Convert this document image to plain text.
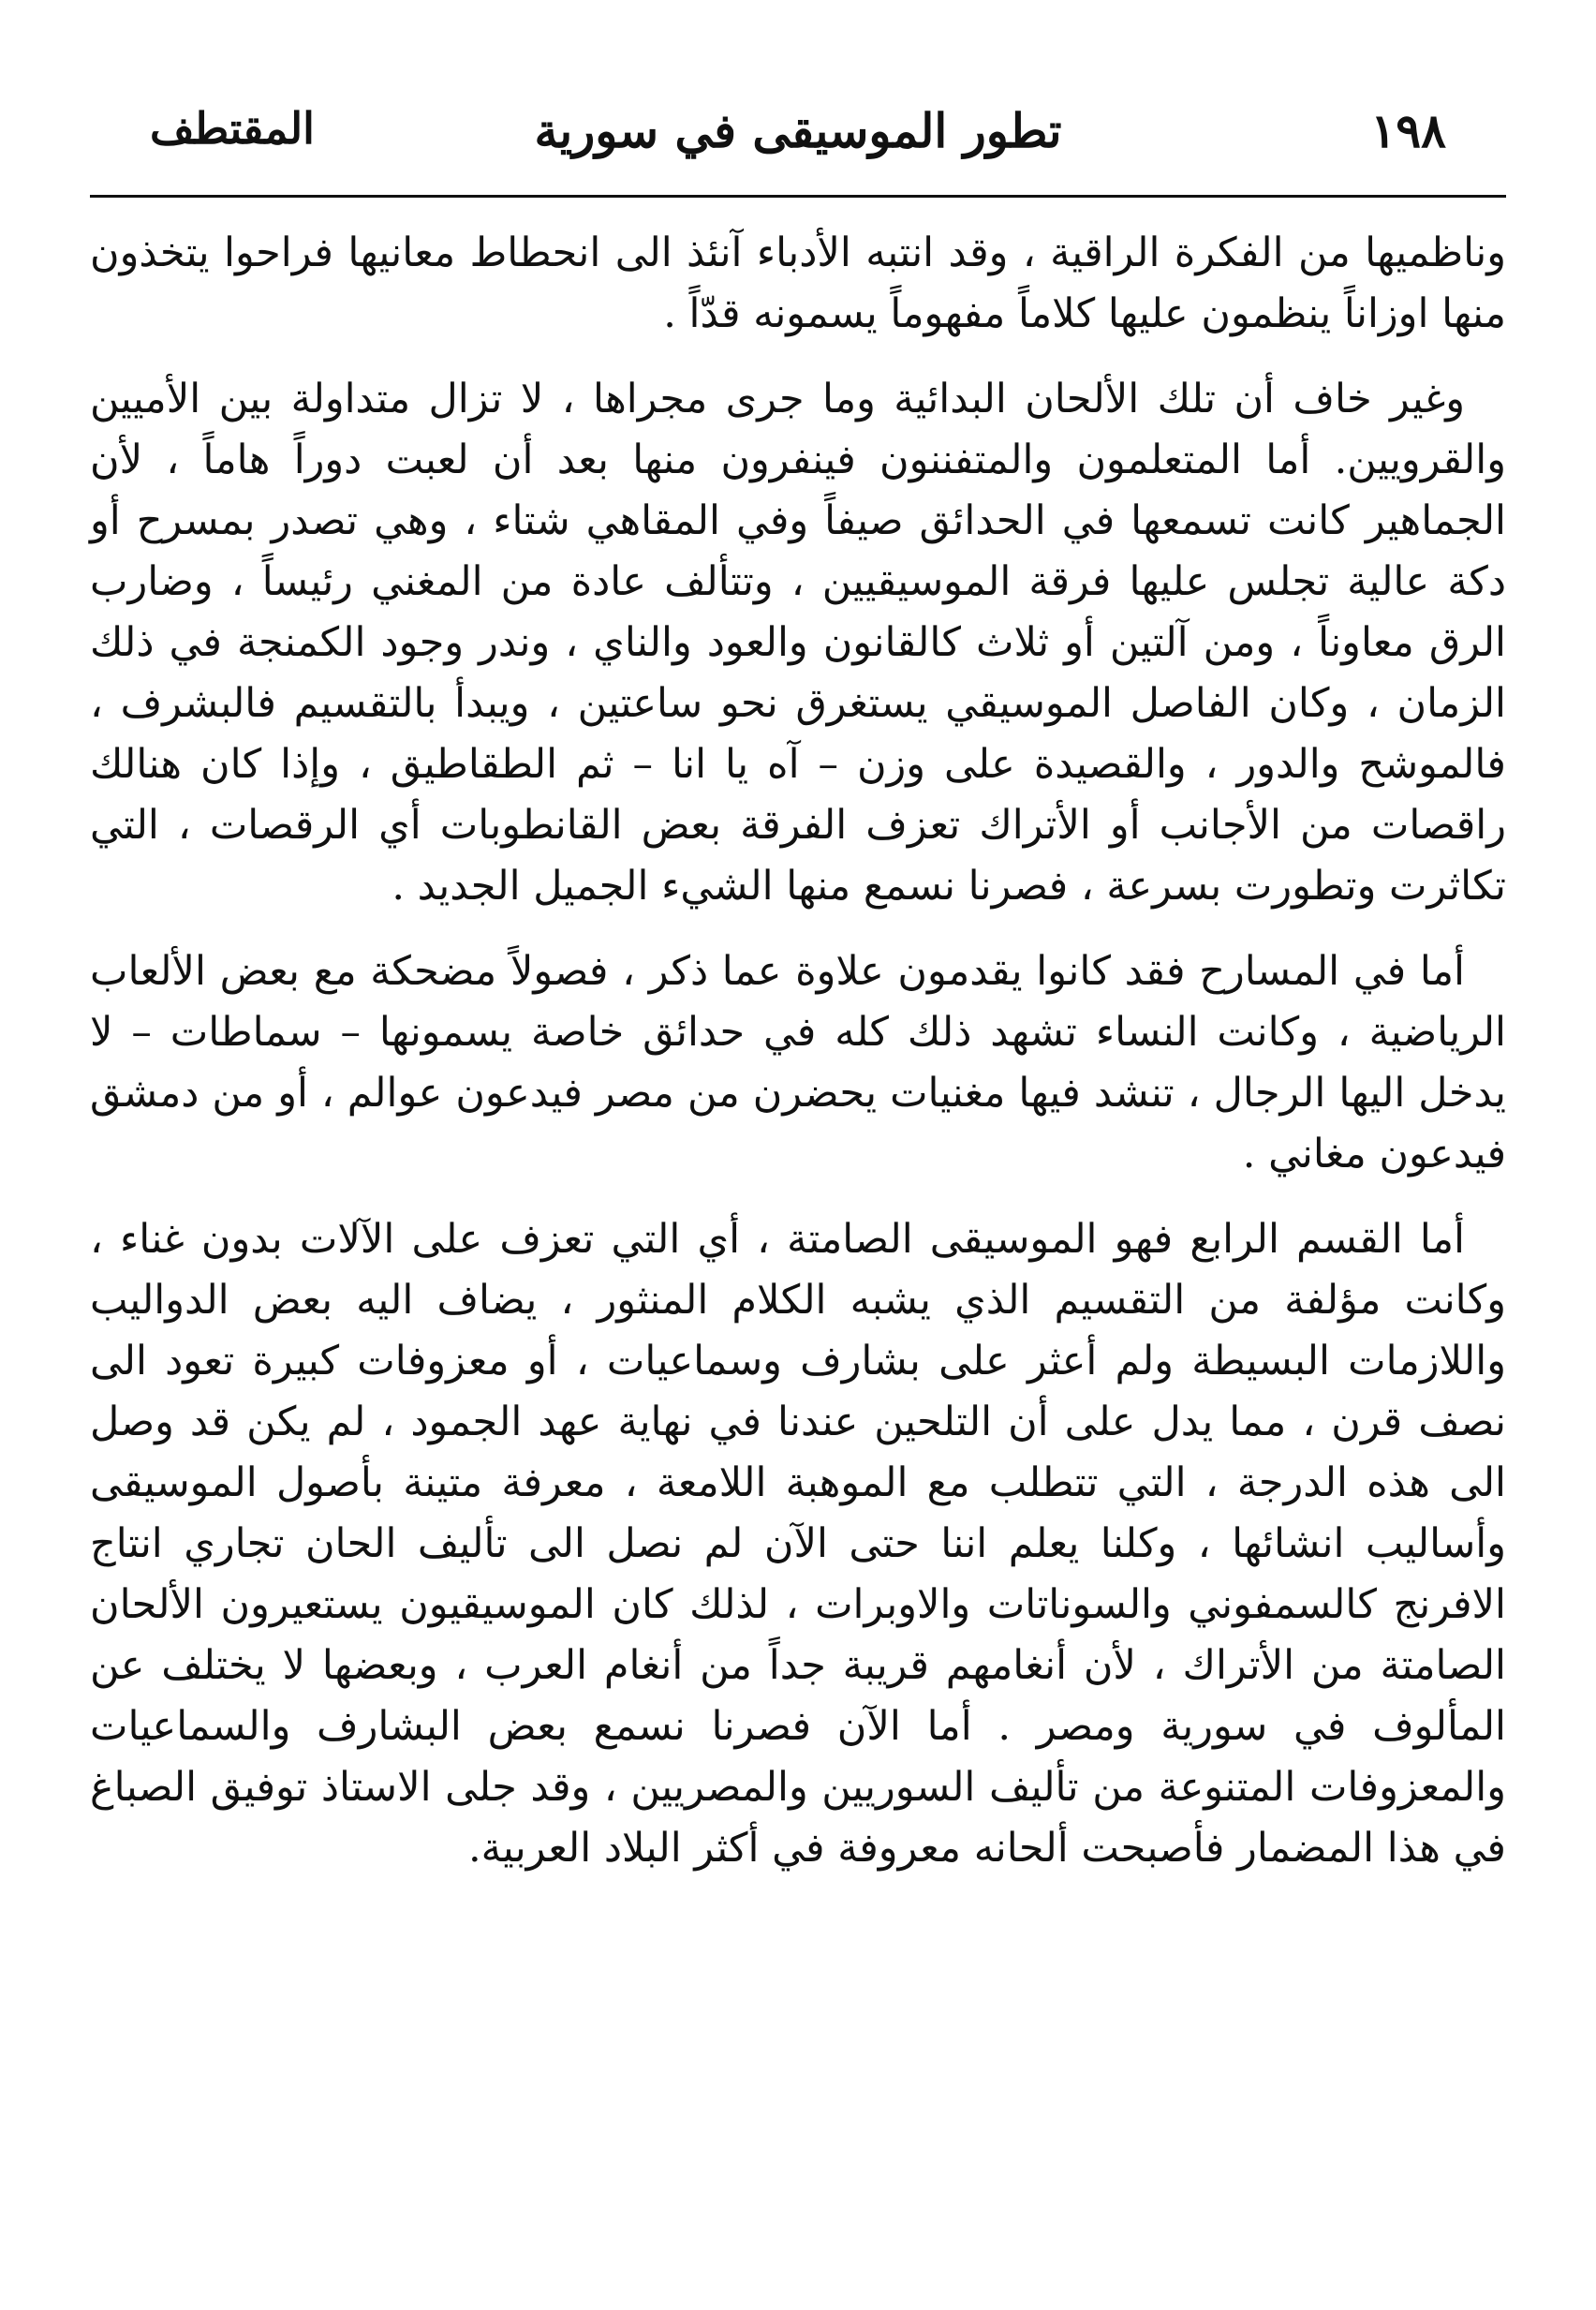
١٩٨
تطور الموسيقى في سورية
المقتطف

وناظميها من الفكرة الراقية ، وقد انتبه الأدباء آنئذ الى انحطاط معانيها فراحوا يتخذون منها اوزاناً ينظمون عليها كلاماً مفهوماً يسمونه قدّاً .

وغير خاف أن تلك الألحان البدائية وما جرى مجراها ، لا تزال متداولة بين الأميين والقرويين. أما المتعلمون والمتفننون فينفرون منها بعد أن لعبت دوراً هاماً ، لأن الجماهير كانت تسمعها في الحدائق صيفاً وفي المقاهي شتاء ، وهي تصدر بمسرح أو دكة عالية تجلس عليها فرقة الموسيقيين ، وتتألف عادة من المغني رئيساً ، وضارب الرق معاوناً ، ومن آلتين أو ثلاث كالقانون والعود والناي ، وندر وجود الكمنجة في ذلك الزمان ، وكان الفاصل الموسيقي يستغرق نحو ساعتين ، ويبدأ بالتقسيم فالبشرف ، فالموشح والدور ، والقصيدة على وزن – آه يا انا – ثم الطقاطيق ، وإذا كان هنالك راقصات من الأجانب أو الأتراك تعزف الفرقة بعض القانطوبات أي الرقصات ، التي تكاثرت وتطورت بسرعة ، فصرنا نسمع منها الشيء الجميل الجديد .

أما في المسارح فقد كانوا يقدمون علاوة عما ذكر ، فصولاً مضحكة مع بعض الألعاب الرياضية ، وكانت النساء تشهد ذلك كله في حدائق خاصة يسمونها – سماطات – لا يدخل اليها الرجال ، تنشد فيها مغنيات يحضرن من مصر فيدعون عوالم ، أو من دمشق فيدعون مغاني .

أما القسم الرابع فهو الموسيقى الصامتة ، أي التي تعزف على الآلات بدون غناء ، وكانت مؤلفة من التقسيم الذي يشبه الكلام المنثور ، يضاف اليه بعض الدواليب واللازمات البسيطة ولم أعثر على بشارف وسماعيات ، أو معزوفات كبيرة تعود الى نصف قرن ، مما يدل على أن التلحين عندنا في نهاية عهد الجمود ، لم يكن قد وصل الى هذه الدرجة ، التي تتطلب مع الموهبة اللامعة ، معرفة متينة بأصول الموسيقى وأساليب انشائها ، وكلنا يعلم اننا حتى الآن لم نصل الى تأليف الحان تجاري انتاج الافرنج كالسمفوني والسوناتات والاوبرات ، لذلك كان الموسيقيون يستعيرون الألحان الصامتة من الأتراك ، لأن أنغامهم قريبة جداً من أنغام العرب ، وبعضها لا يختلف عن المألوف في سورية ومصر . أما الآن فصرنا نسمع بعض البشارف والسماعيات والمعزوفات المتنوعة من تأليف السوريين والمصريين ، وقد جلى الاستاذ توفيق الصباغ في هذا المضمار فأصبحت ألحانه معروفة في أكثر البلاد العربية.
